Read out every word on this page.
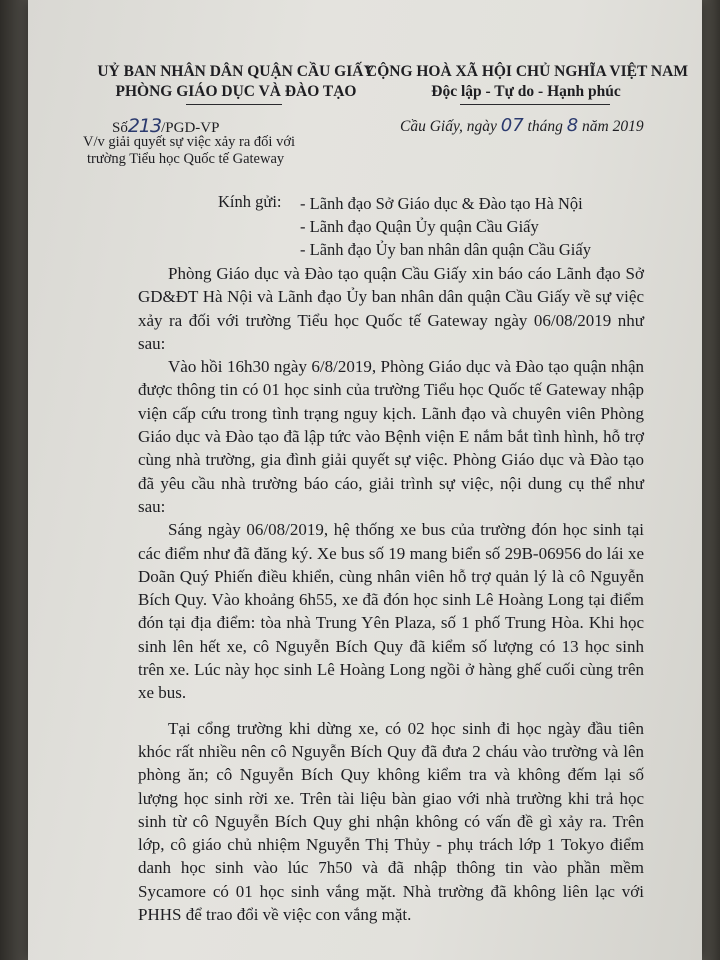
UỶ BAN NHÂN DÂN QUẬN CẦU GIẤY
PHÒNG GIÁO DỤC VÀ ĐÀO TẠO
CỘNG HOÀ XÃ HỘI CHỦ NGHĨA VIỆT NAM
Độc lập - Tự do - Hạnh phúc
Số213/PGD-VP
V/v giải quyết sự việc xảy ra đối với
trường Tiểu học Quốc tế Gateway
Cầu Giấy, ngày 07 tháng 8 năm 2019
Kính gửi: - Lãnh đạo Sở Giáo dục & Đào tạo Hà Nội
- Lãnh đạo Quận Ủy quận Cầu Giấy
- Lãnh đạo Ủy ban nhân dân quận Cầu Giấy

Phòng Giáo dục và Đào tạo quận Cầu Giấy xin báo cáo Lãnh đạo Sở GD&ĐT Hà Nội và Lãnh đạo Ủy ban nhân dân quận Cầu Giấy về sự việc xảy ra đối với trường Tiểu học Quốc tế Gateway ngày 06/08/2019 như sau:

Vào hồi 16h30 ngày 6/8/2019, Phòng Giáo dục và Đào tạo quận nhận được thông tin có 01 học sinh của trường Tiểu học Quốc tế Gateway nhập viện cấp cứu trong tình trạng nguy kịch. Lãnh đạo và chuyên viên Phòng Giáo dục và Đào tạo đã lập tức vào Bệnh viện E nắm bắt tình hình, hỗ trợ cùng nhà trường, gia đình giải quyết sự việc. Phòng Giáo dục và Đào tạo đã yêu cầu nhà trường báo cáo, giải trình sự việc, nội dung cụ thể như sau:

Sáng ngày 06/08/2019, hệ thống xe bus của trường đón học sinh tại các điểm như đã đăng ký. Xe bus số 19 mang biển số 29B-06956 do lái xe Doãn Quý Phiến điều khiển, cùng nhân viên hỗ trợ quản lý là cô Nguyễn Bích Quy. Vào khoảng 6h55, xe đã đón học sinh Lê Hoàng Long tại điểm đón tại địa điểm: tòa nhà Trung Yên Plaza, số 1 phố Trung Hòa. Khi học sinh lên hết xe, cô Nguyễn Bích Quy đã kiểm số lượng có 13 học sinh trên xe. Lúc này học sinh Lê Hoàng Long ngồi ở hàng ghế cuối cùng trên xe bus.

Tại cổng trường khi dừng xe, có 02 học sinh đi học ngày đầu tiên khóc rất nhiều nên cô Nguyễn Bích Quy đã đưa 2 cháu vào trường và lên phòng ăn; cô Nguyễn Bích Quy không kiểm tra và không đếm lại số lượng học sinh rời xe. Trên tài liệu bàn giao với nhà trường khi trả học sinh từ cô Nguyễn Bích Quy ghi nhận không có vấn đề gì xảy ra. Trên lớp, cô giáo chủ nhiệm Nguyễn Thị Thủy - phụ trách lớp 1 Tokyo điểm danh học sinh vào lúc 7h50 và đã nhập thông tin vào phần mềm Sycamore có 01 học sinh vắng mặt. Nhà trường đã không liên lạc với PHHS để trao đổi về việc con vắng mặt.
